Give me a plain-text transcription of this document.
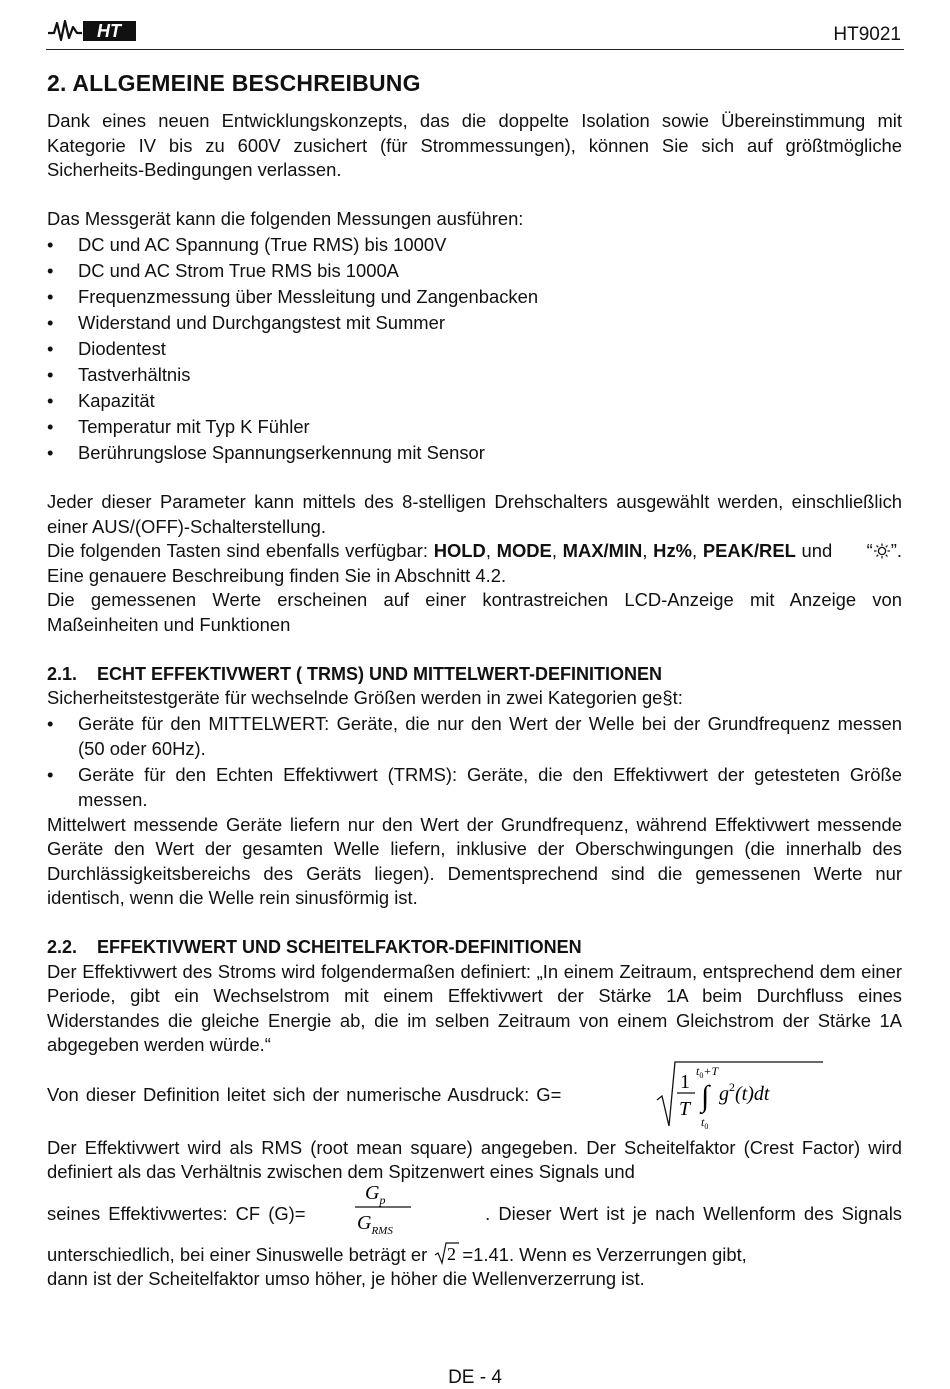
HT	HT9021
2. ALLGEMEINE BESCHREIBUNG

Dank eines neuen Entwicklungskonzepts, das die doppelte Isolation sowie Übereinstimmung mit Kategorie IV bis zu 600V zusichert (für Strommessungen), können Sie sich auf größtmögliche Sicherheits-Bedingungen verlassen.

Das Messgerät kann die folgenden Messungen ausführen:

• DC und AC Spannung (True RMS) bis 1000V
• DC und AC Strom True RMS bis 1000A
• Frequenzmessung über Messleitung und Zangenbacken
• Widerstand und Durchgangstest mit Summer
• Diodentest
• Tastverhältnis
• Kapazität
• Temperatur mit Typ K Fühler
• Berührungslose Spannungserkennung mit Sensor

Jeder dieser Parameter kann mittels des 8-stelligen Drehschalters ausgewählt werden, einschließlich einer AUS/(OFF)-Schalterstellung.

Die folgenden Tasten sind ebenfalls verfügbar: HOLD, MODE, MAX/MIN, Hz%, PEAK/REL und      “ ”. Eine genauere Beschreibung finden Sie in Abschnitt 4.2.

Die gemessenen Werte erscheinen auf einer kontrastreichen LCD-Anzeige mit Anzeige von Maßeinheiten und Funktionen

2.1. ECHT EFFEKTIVWERT ( TRMS) UND MITTELWERT-DEFINITIONEN

Sicherheitstestgeräte für wechselnde Größen werden in zwei Kategorien ge§t:

• Geräte für den MITTELWERT: Geräte, die nur den Wert der Welle bei der Grundfrequenz messen (50 oder 60Hz).
• Geräte für den Echten Effektivwert (TRMS): Geräte, die den Effektivwert der getesteten Größe messen.

Mittelwert messende Geräte liefern nur den Wert der Grundfrequenz, während Effektivwert messende Geräte den Wert der gesamten Welle liefern, inklusive der Oberschwingungen (die innerhalb des Durchlässigkeitsbereichs des Geräts liegen). Dementsprechend sind die gemessenen Werte nur identisch, wenn die Welle rein sinusförmig ist.

2.2. EFFEKTIVWERT UND SCHEITELFAKTOR-DEFINITIONEN

Der Effektivwert des Stroms wird folgendermaßen definiert: „In einem Zeitraum, entsprechend dem einer Periode, gibt ein Wechselstrom mit einem Effektivwert der Stärke 1A beim Durchfluss eines Widerstandes die gleiche Energie ab, die im selben Zeitraum von einem Gleichstrom der Stärke 1A abgegeben werden würde.“

Von dieser Definition leitet sich der numerische Ausdruck: G=
1
T ∫
$t_0+T$
$t_0$
$g^2(t)dt$

Der Effektivwert wird als RMS (root mean square) angegeben. Der Scheitelfaktor (Crest Factor) wird definiert als das Verhältnis zwischen dem Spitzenwert eines Signals und

seines Effektivwertes: CF (G)=
$G_p$
$G_{RMS}$
. Dieser Wert ist je nach Wellenform des Signals

unterschiedlich, bei einer Sinuswelle beträgt er 2 =1.41. Wenn es Verzerrungen gibt,

dann ist der Scheitelfaktor umso höher, je höher die Wellenverzerrung ist.

DE - 4
